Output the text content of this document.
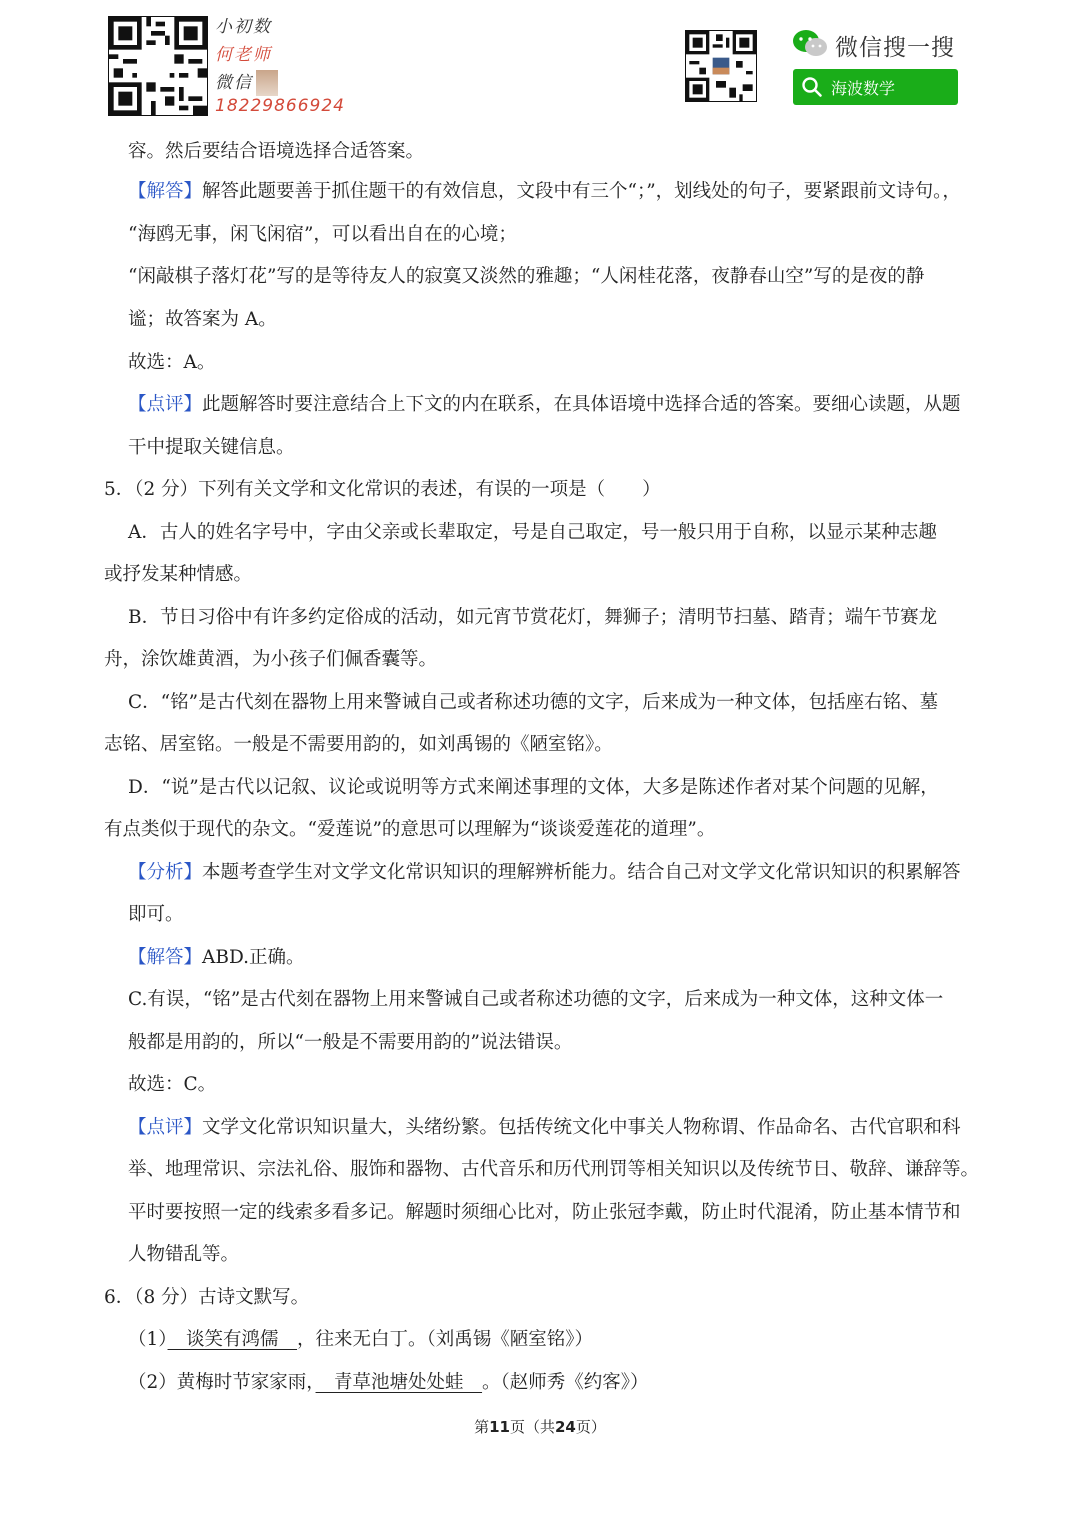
小初数
何老师
微信
18229866924
微信搜一搜
海波数学
容。然后要结合语境选择合适答案。
【解答】解答此题要善于抓住题干的有效信息，文段中有三个“；”，划线处的句子，要紧跟前文诗句。，
“海鸥无事，闲飞闲宿”，可以看出自在的心境；
“闲敲棋子落灯花”写的是等待友人的寂寞又淡然的雅趣；“人闲桂花落，夜静春山空”写的是夜的静
谧；故答案为 A。
故选：A。
【点评】此题解答时要注意结合上下文的内在联系，在具体语境中选择合适的答案。要细心读题，从题
干中提取关键信息。
5．（2 分）下列有关文学和文化常识的表述，有误的一项是（　　）
A．古人的姓名字号中，字由父亲或长辈取定，号是自己取定，号一般只用于自称，以显示某种志趣
或抒发某种情感。
B．节日习俗中有许多约定俗成的活动，如元宵节赏花灯，舞狮子；清明节扫墓、踏青；端午节赛龙
舟，涂饮雄黄酒，为小孩子们佩香囊等。
C．“铭”是古代刻在器物上用来警诫自己或者称述功德的文字，后来成为一种文体，包括座右铭、墓
志铭、居室铭。一般是不需要用韵的，如刘禹锡的《陋室铭》。
D．“说”是古代以记叙、议论或说明等方式来阐述事理的文体，大多是陈述作者对某个问题的见解，
有点类似于现代的杂文。“爱莲说”的意思可以理解为“谈谈爱莲花的道理”。
【分析】本题考查学生对文学文化常识知识的理解辨析能力。结合自己对文学文化常识知识的积累解答
即可。
【解答】ABD.正确。
C.有误，“铭”是古代刻在器物上用来警诫自己或者称述功德的文字，后来成为一种文体，这种文体一
般都是用韵的，所以“一般是不需要用韵的”说法错误。
故选：C。
【点评】文学文化常识知识量大，头绪纷繁。包括传统文化中事关人物称谓、作品命名、古代官职和科
举、地理常识、宗法礼俗、服饰和器物、古代音乐和历代刑罚等相关知识以及传统节日、敬辞、谦辞等。
平时要按照一定的线索多看多记。解题时须细心比对，防止张冠李戴，防止时代混淆，防止基本情节和
人物错乱等。
6．（8 分）古诗文默写。
（1）　谈笑有鸿儒　，往来无白丁。（刘禹锡《陋室铭》）
（2）黄梅时节家家雨，　青草池塘处处蛙　。（赵师秀《约客》）
第11页（共24页）
